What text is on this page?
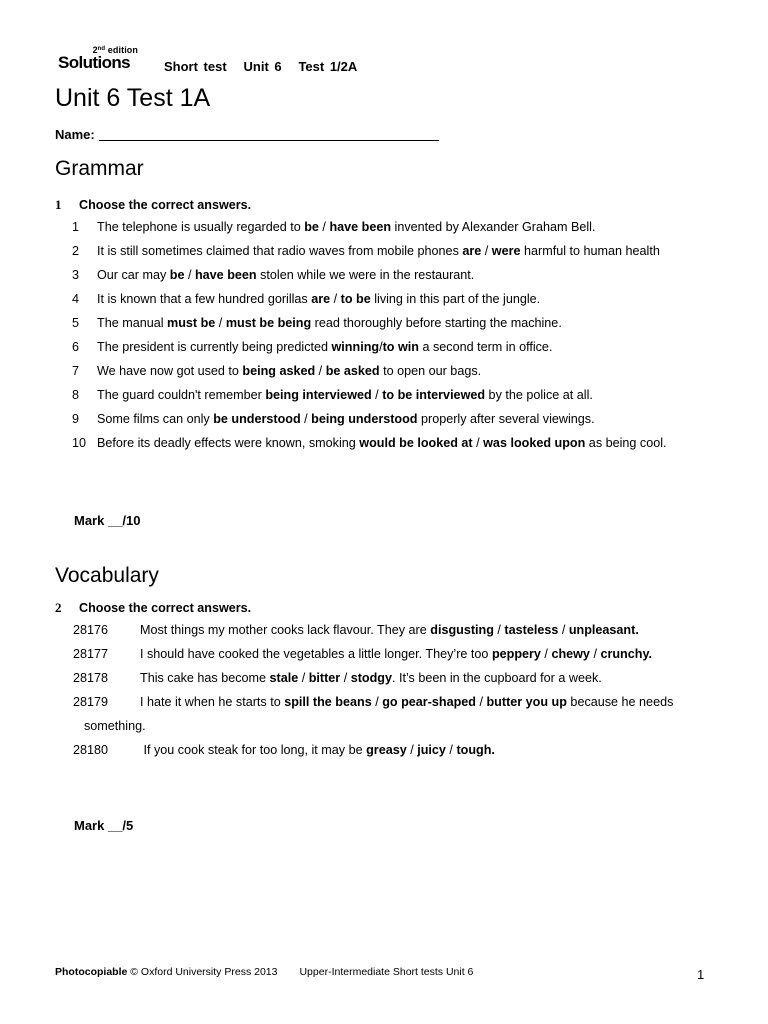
2nd edition
Solutions	Short test   Unit 6   Test 1/2A
Unit 6 Test 1A
Name:
Grammar
1 Choose the correct answers.
1	The telephone is usually regarded to be / have been invented by Alexander Graham Bell.
2	It is still sometimes claimed that radio waves from mobile phones are / were harmful to human health
3	Our car may be / have been stolen while we were in the restaurant.
4	It is known that a few hundred gorillas are / to be living in this part of the jungle.
5	The manual must be / must be being read thoroughly before starting the machine.
6	The president is currently being predicted winning/to win a second term in office.
7	We have now got used to being asked / be asked to open our bags.
8	The guard couldn't remember being interviewed / to be interviewed by the police at all.
9	Some films can only be understood / being understood properly after several viewings.
10 Before its deadly effects were known, smoking would be looked at / was looked upon as being cool.
Mark __/10
Vocabulary
2 Choose the correct answers.
28176	Most things my mother cooks lack flavour. They are disgusting / tasteless / unpleasant.
28177	I should have cooked the vegetables a little longer. They’re too peppery / chewy / crunchy.
28178	This cake has become stale / bitter / stodgy. It’s been in the cupboard for a week.
28179	I hate it when he starts to spill the beans / go pear-shaped / butter you up because he needs something.
28180	If you cook steak for too long, it may be greasy / juicy / tough.
Mark __/5
Photocopiable © Oxford University Press 2013 Upper-Intermediate Short tests Unit 6	1
